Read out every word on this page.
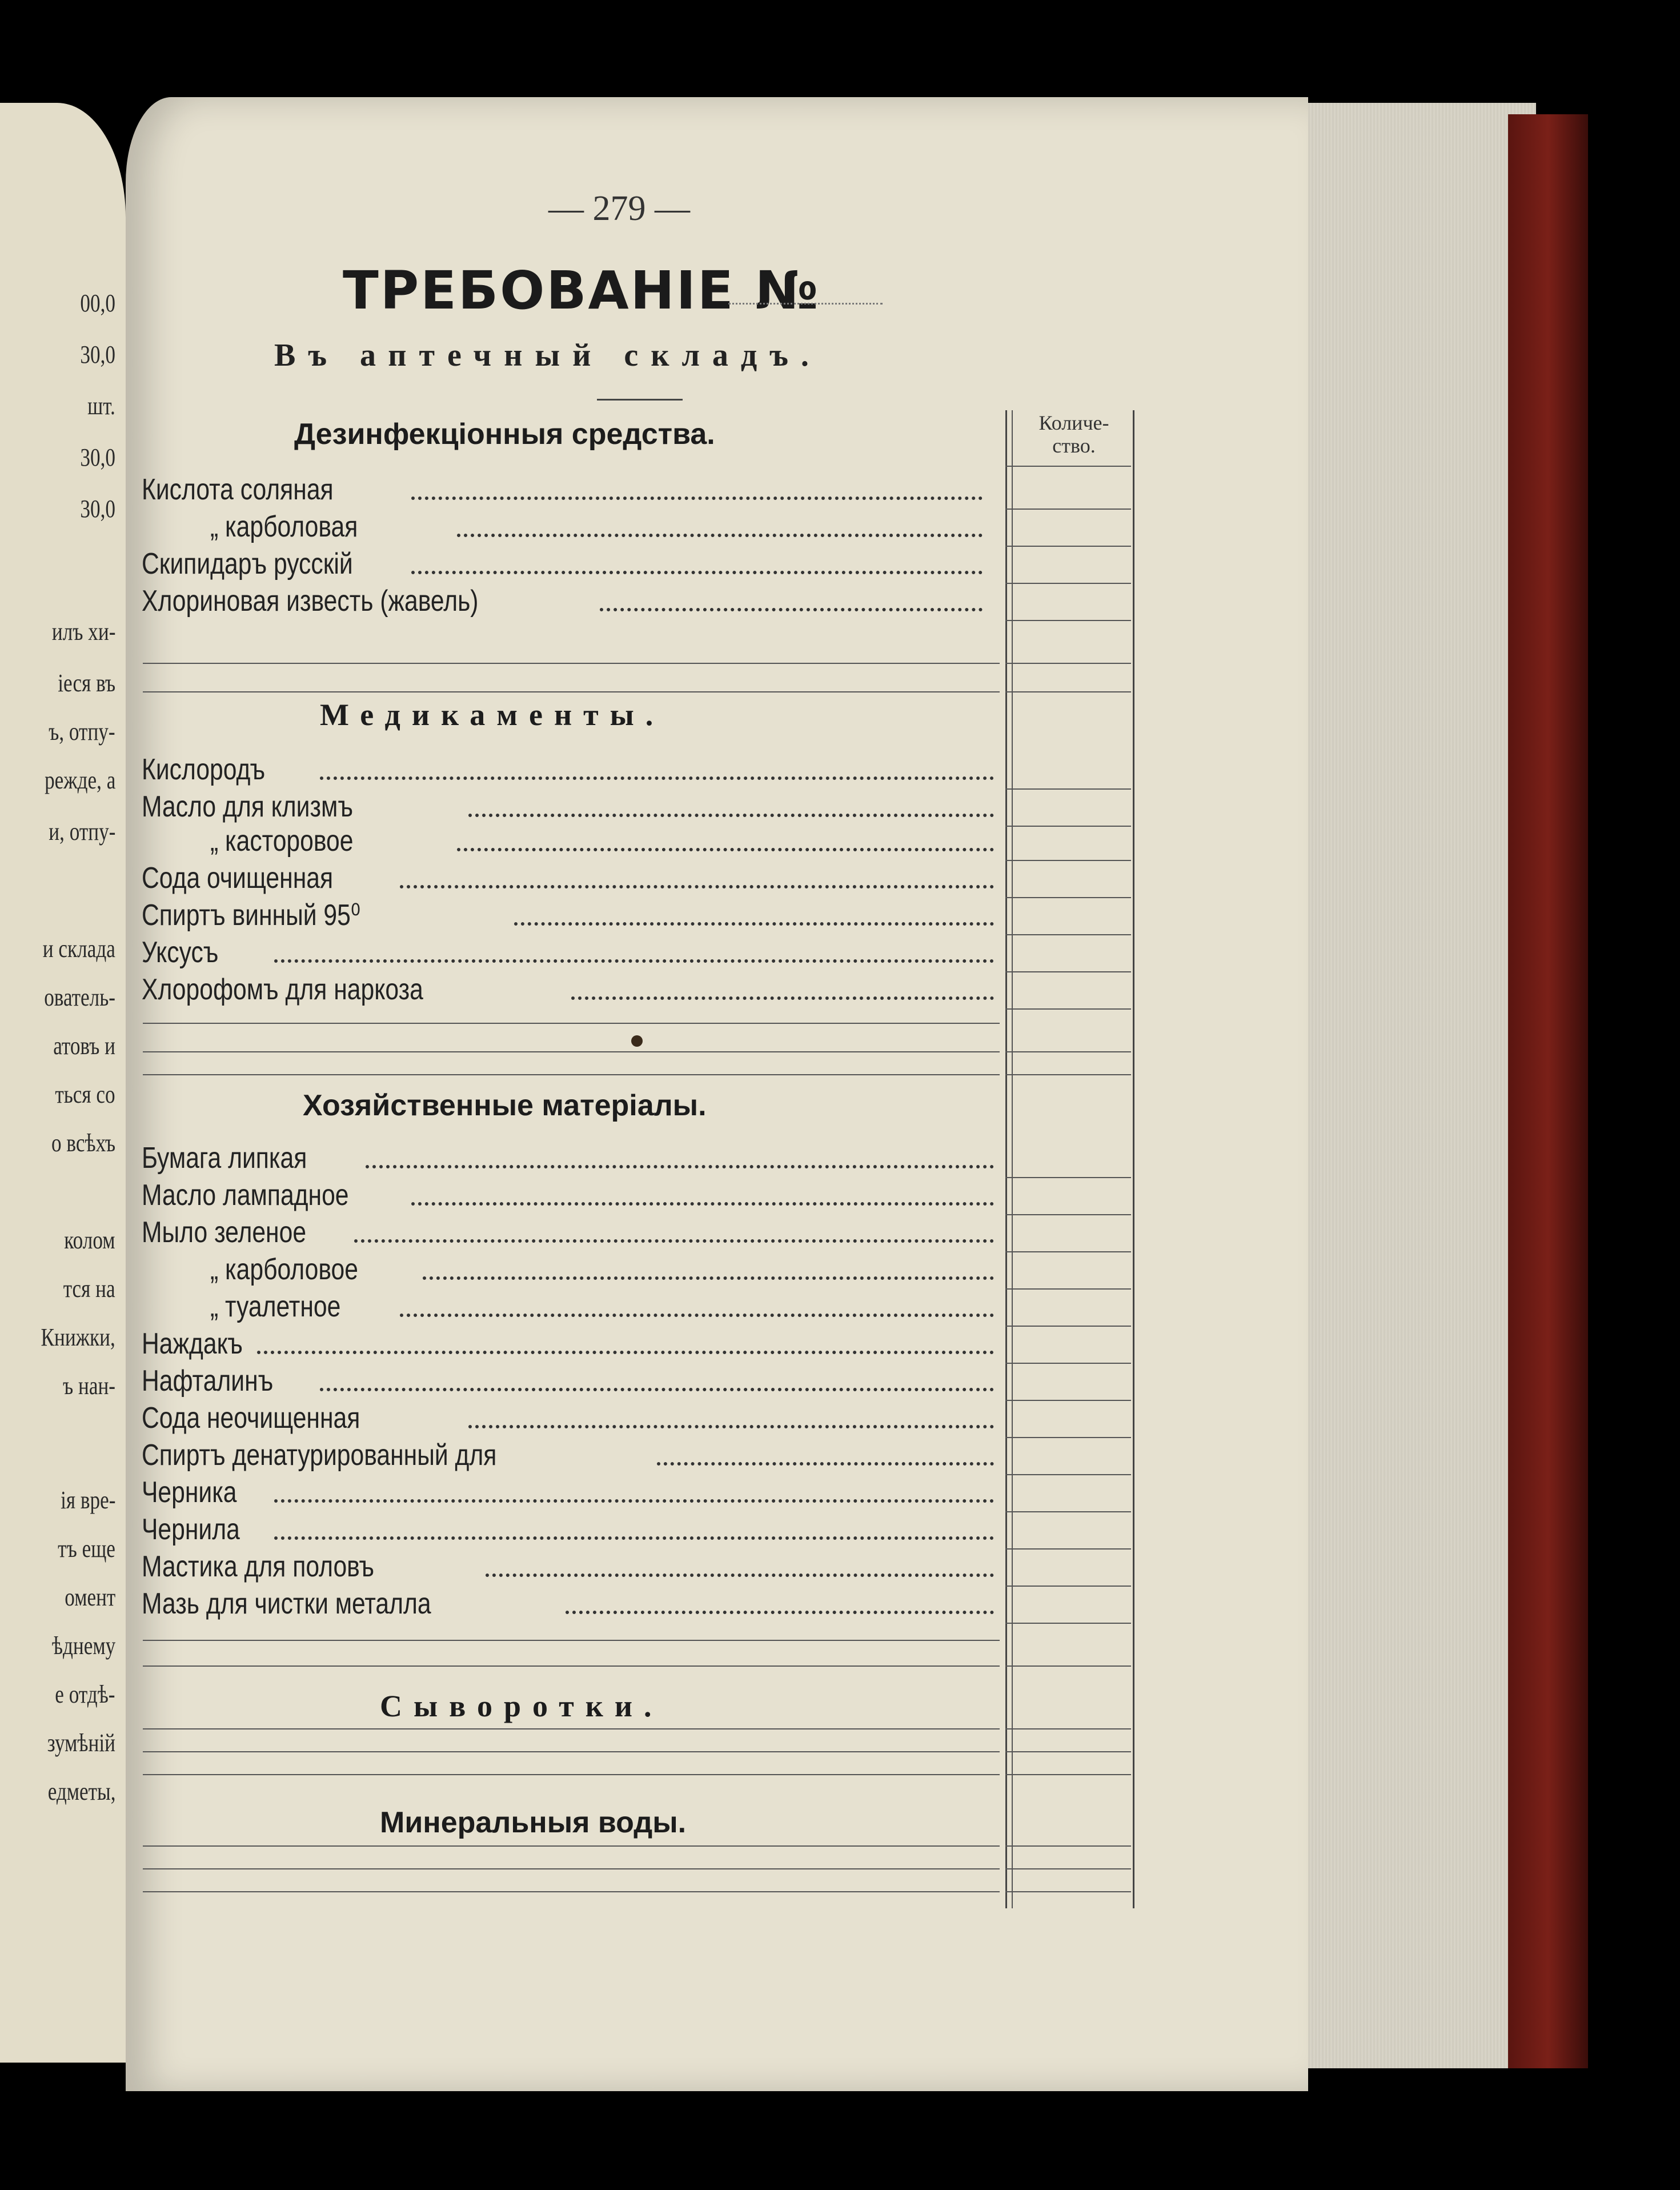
00,0
30,0
шт.
30,0
30,0
илъ хи-
iеся въ
ъ, отпу-
режде, а
и, отпу-
и склада
ователь-
атовъ и
ться со
о всѣхъ
колом
тся на
Книжки,
ъ нан-
iя вре-
тъ еще
омент
ѣднему
е отдѣ-
зумѣнiй
едметы,
— 279 —
ТРЕБОВАНIЕ №
Въ аптечный складъ.
Количе-
ство.
Дезинфекцiонныя средства.
Кислота соляная
„ карболовая
Скипидаръ русскiй
Хлориновая известь (жавель)
Медикаменты.
Кислородъ
Масло для клизмъ
„ касторовое
Сода очищенная
Спиртъ винный 95⁰
Уксусъ
Хлорофомъ для наркоза
Хозяйственные матерiалы.
Бумага липкая
Масло лампадное
Мыло зеленое
„ карболовое
„ туалетное
Наждакъ
Нафталинъ
Сода неочищенная
Спиртъ денатурированный для
Черника
Чернила
Мастика для половъ
Мазь для чистки металла
Сыворотки.
Минеральныя воды.
